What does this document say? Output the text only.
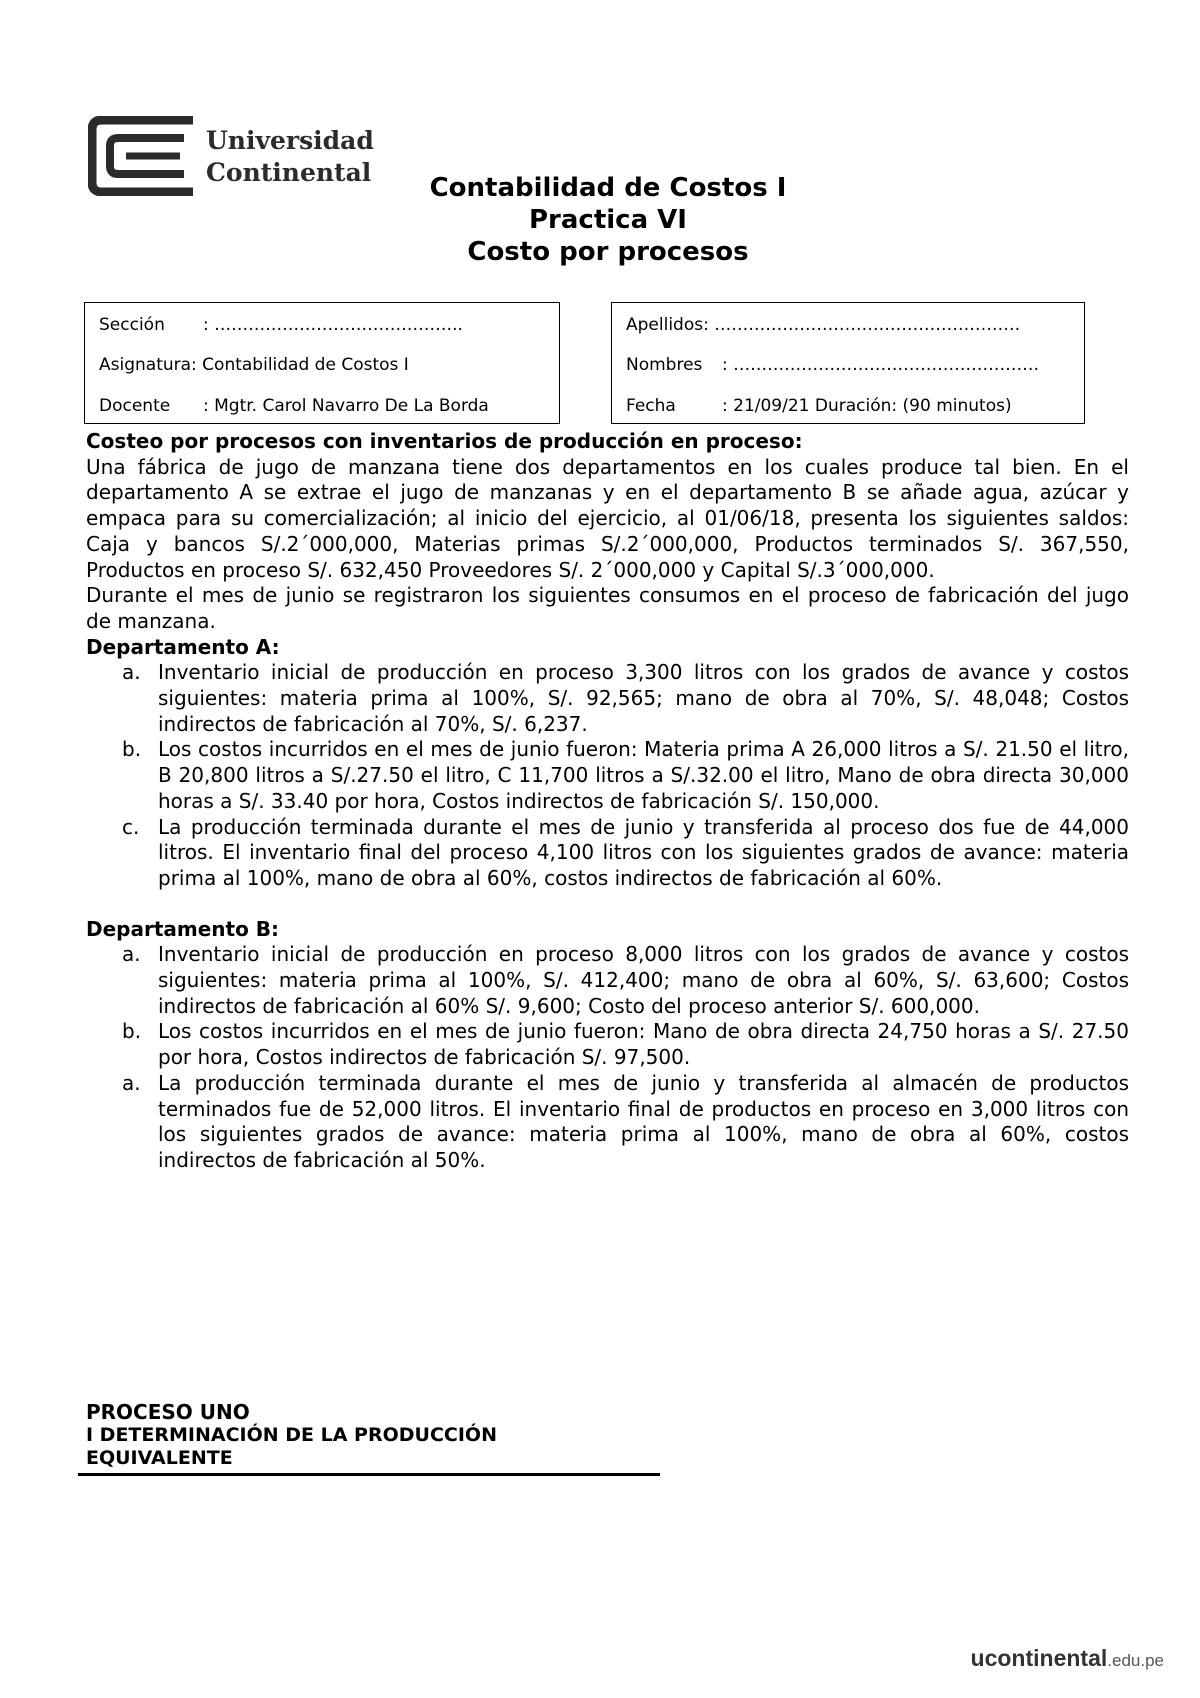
Universidad
Continental
Contabilidad de Costos I
Practica VI
Costo por procesos
Sección : ……………………………………..
Asignatura: Contabilidad de Costos I
Docente : Mgtr. Carol Navarro De La Borda
Apellidos: ………………………………………………
Nombres : ………………………………………………
Fecha	: 21/09/21 Duración: (90 minutos)
Costeo por procesos con inventarios de producción en proceso:
Una fábrica de jugo de manzana tiene dos departamentos en los cuales produce tal bien. En el departamento A se extrae el jugo de manzanas y en el departamento B se añade agua, azúcar y empaca para su comercialización; al inicio del ejercicio, al 01/06/18, presenta los siguientes saldos: Caja y bancos S/.2´000,000, Materias primas S/.2´000,000, Productos terminados S/. 367,550, Productos en proceso S/. 632,450 Proveedores S/. 2´000,000 y Capital S/.3´000,000.
Durante el mes de junio se registraron los siguientes consumos en el proceso de fabricación del jugo de manzana.
Departamento A:
a. Inventario inicial de producción en proceso 3,300 litros con los grados de avance y costos siguientes: materia prima al 100%, S/. 92,565; mano de obra al 70%, S/. 48,048; Costos indirectos de fabricación al 70%, S/. 6,237.
b. Los costos incurridos en el mes de junio fueron: Materia prima A 26,000 litros a S/. 21.50 el litro, B 20,800 litros a S/.27.50 el litro, C 11,700 litros a S/.32.00 el litro, Mano de obra directa 30,000 horas a S/. 33.40 por hora, Costos indirectos de fabricación S/. 150,000.
c. La producción terminada durante el mes de junio y transferida al proceso dos fue de 44,000 litros. El inventario final del proceso 4,100 litros con los siguientes grados de avance: materia prima al 100%, mano de obra al 60%, costos indirectos de fabricación al 60%.
Departamento B:
a. Inventario inicial de producción en proceso 8,000 litros con los grados de avance y costos siguientes: materia prima al 100%, S/. 412,400; mano de obra al 60%, S/. 63,600; Costos indirectos de fabricación al 60% S/. 9,600; Costo del proceso anterior S/. 600,000.
b. Los costos incurridos en el mes de junio fueron: Mano de obra directa 24,750 horas a S/. 27.50 por hora, Costos indirectos de fabricación S/. 97,500.
a. La producción terminada durante el mes de junio y transferida al almacén de productos terminados fue de 52,000 litros. El inventario final de productos en proceso en 3,000 litros con los siguientes grados de avance: materia prima al 100%, mano de obra al 60%, costos indirectos de fabricación al 50%.
PROCESO UNO
I DETERMINACIÓN DE LA PRODUCCIÓN
EQUIVALENTE
ucontinental.edu.pe
